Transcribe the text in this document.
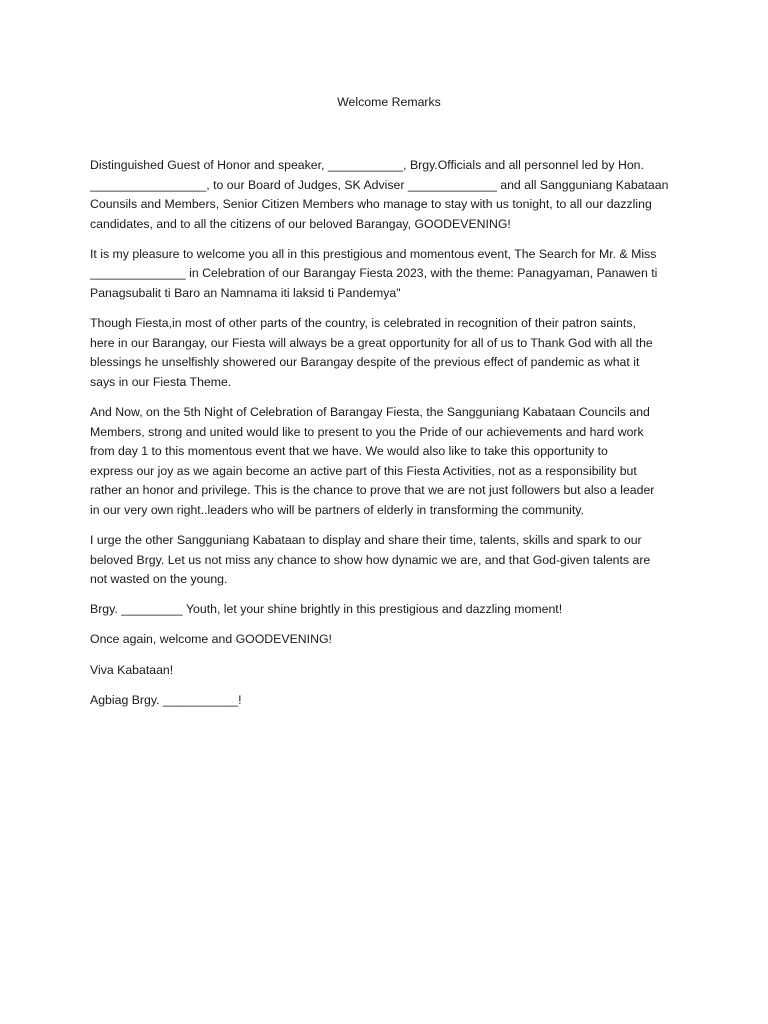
Welcome Remarks
Distinguished Guest of Honor and speaker, ___________, Brgy.Officials and all personnel led by Hon.
_________________, to our Board of Judges, SK Adviser _____________ and all Sangguniang Kabataan
Counsils and Members, Senior Citizen Members who manage to stay with us tonight, to all our dazzling
candidates, and to all the citizens of our beloved Barangay, GOODEVENING!
It is my pleasure to welcome you all in this prestigious and momentous event, The Search for Mr. & Miss
______________ in Celebration of our Barangay Fiesta 2023, with the theme: Panagyaman, Panawen ti
Panagsubalit ti Baro an Namnama iti laksid ti Pandemya"
Though Fiesta,in most of other parts of the country, is celebrated in recognition of their patron saints,
here in our Barangay, our Fiesta will always be a great opportunity for all of us to Thank God with all the
blessings he unselfishly showered our Barangay despite of the previous effect of pandemic as what it
says in our Fiesta Theme.
And Now, on the 5th Night of Celebration of Barangay Fiesta, the Sangguniang Kabataan Councils and
Members, strong and united would like to present to you the Pride of our achievements and hard work
from day 1 to this momentous event that we have. We would also like to take this opportunity to
express our joy as we again become an active part of this Fiesta Activities, not as a responsibility but
rather an honor and privilege. This is the chance to prove that we are not just followers but also a leader
in our very own right..leaders who will be partners of elderly in transforming the community.
I urge the other Sangguniang Kabataan to display and share their time, talents, skills and spark to our
beloved Brgy. Let us not miss any chance to show how dynamic we are, and that God-given talents are
not wasted on the young.
Brgy. _________ Youth, let your shine brightly in this prestigious and dazzling moment!
Once again, welcome and GOODEVENING!
Viva Kabataan!
Agbiag Brgy. ___________!
